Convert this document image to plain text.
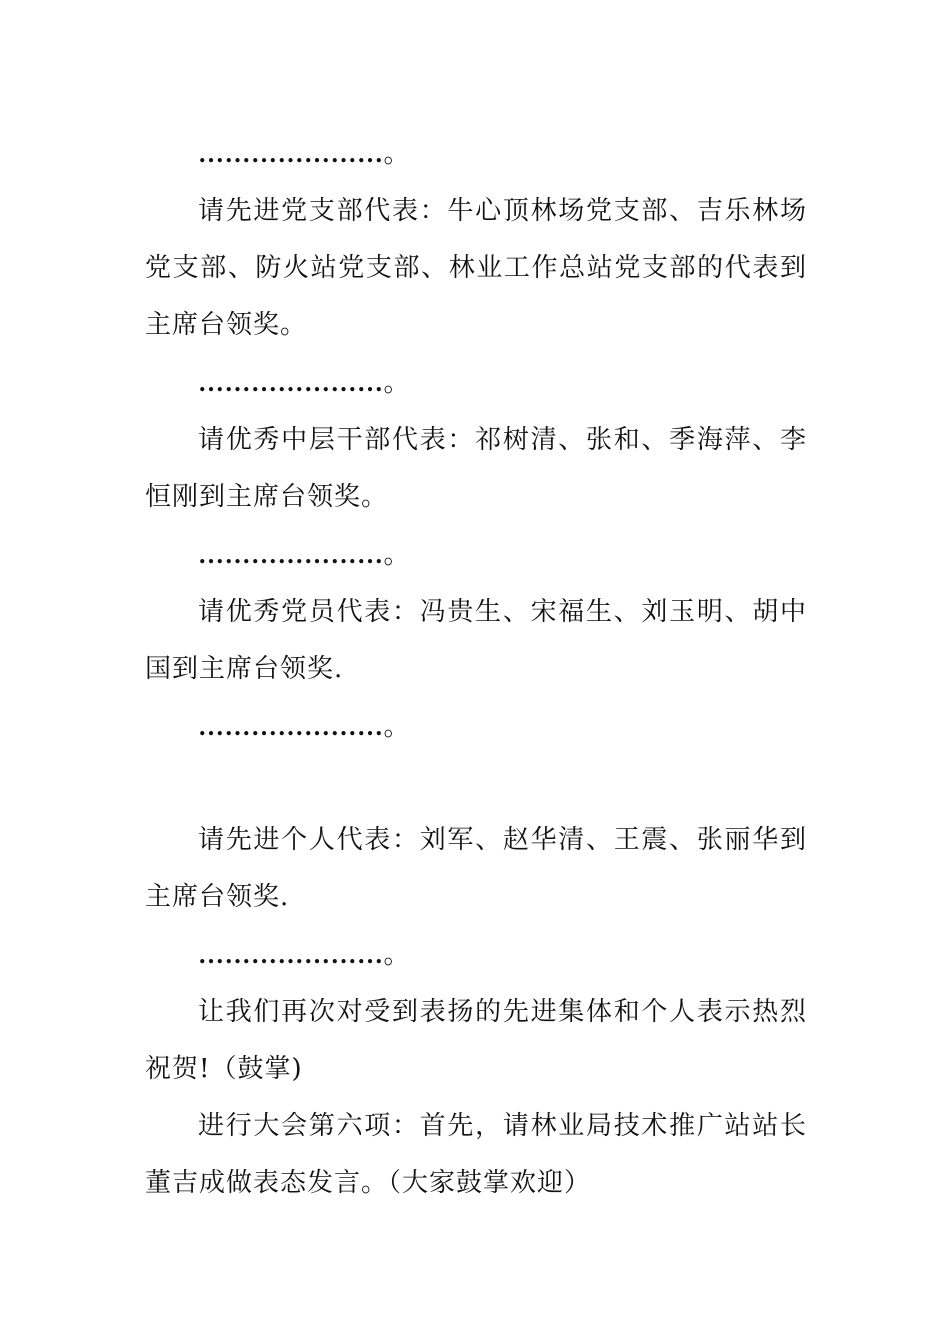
…………………。

请先进党支部代表：牛心顶林场党支部、吉乐林场党支部、防火站党支部、林业工作总站党支部的代表到主席台领奖。

…………………。

请优秀中层干部代表：祁树清、张和、季海萍、李恒刚到主席台领奖。

…………………。

请优秀党员代表：冯贵生、宋福生、刘玉明、胡中国到主席台领奖.

…………………。

请先进个人代表：刘军、赵华清、王震、张丽华到主席台领奖.

…………………。

让我们再次对受到表扬的先进集体和个人表示热烈祝贺!（鼓掌)

进行大会第六项：首先，请林业局技术推广站站长董吉成做表态发言。（大家鼓掌欢迎）
